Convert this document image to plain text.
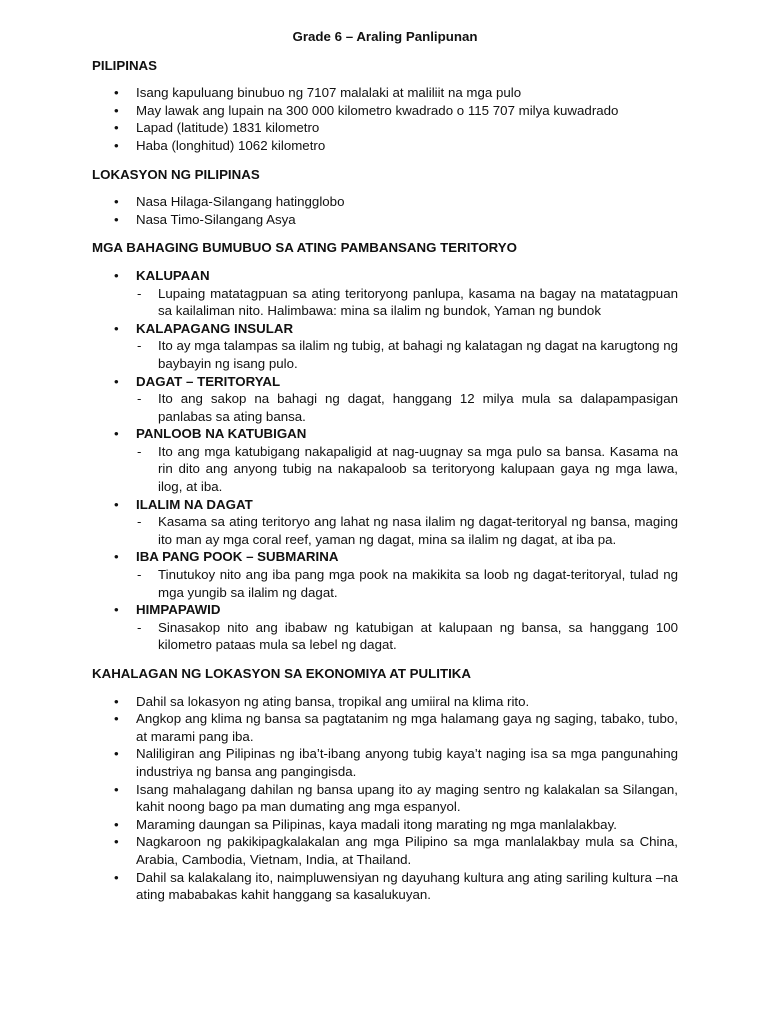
Grade 6 – Araling Panlipunan
PILIPINAS
• Isang kapuluang binubuo ng 7107 malalaki at maliliit na mga pulo
• May lawak ang lupain na 300 000 kilometro kwadrado o 115 707 milya kuwadrado
• Lapad (latitude) 1831 kilometro
• Haba (longhitud) 1062 kilometro
LOKASYON NG PILIPINAS
• Nasa Hilaga-Silangang hatingglobo
• Nasa Timo-Silangang Asya
MGA BAHAGING BUMUBUO SA ATING PAMBANSANG TERITORYO
• KALUPAAN
- Lupaing matatagpuan sa ating teritoryong panlupa, kasama na bagay na matatagpuan sa kailaliman nito. Halimbawa: mina sa ilalim ng bundok, Yaman ng bundok
• KALAPAGANG INSULAR
- Ito ay mga talampas sa ilalim ng tubig, at bahagi ng kalatagan ng dagat na karugtong ng baybayin ng isang pulo.
• DAGAT – TERITORYAL
- Ito ang sakop na bahagi ng dagat, hanggang 12 milya mula sa dalapampasigan panlabas sa ating bansa.
• PANLOOB NA KATUBIGAN
- Ito ang mga katubigang nakapaligid at nag-uugnay sa mga pulo sa bansa. Kasama na rin dito ang anyong tubig na nakapaloob sa teritoryong kalupaan gaya ng mga lawa, ilog, at iba.
• ILALIM NA DAGAT
- Kasama sa ating teritoryo ang lahat ng nasa ilalim ng dagat-teritoryal ng bansa, maging ito man ay mga coral reef, yaman ng dagat, mina sa ilalim ng dagat, at iba pa.
• IBA PANG POOK – SUBMARINA
- Tinutukoy nito ang iba pang mga pook na makikita sa loob ng dagat-teritoryal, tulad ng mga yungib sa ilalim ng dagat.
• HIMPAPAWID
- Sinasakop nito ang ibabaw ng katubigan at kalupaan ng bansa, sa hanggang 100 kilometro pataas mula sa lebel ng dagat.
KAHALAGAN NG LOKASYON SA EKONOMIYA AT PULITIKA
• Dahil sa lokasyon ng ating bansa, tropikal ang umiiral na klima rito.
• Angkop ang klima ng bansa sa pagtatanim ng mga halamang gaya ng saging, tabako, tubo, at marami pang iba.
• Naliligiran ang Pilipinas ng iba’t-ibang anyong tubig kaya’t naging isa sa mga pangunahing industriya ng bansa ang pangingisda.
• Isang mahalagang dahilan ng bansa upang ito ay maging sentro ng kalakalan sa Silangan, kahit noong bago pa man dumating ang mga espanyol.
• Maraming daungan sa Pilipinas, kaya madali itong marating ng mga manlalakbay.
• Nagkaroon ng pakikipagkalakalan ang mga Pilipino sa mga manlalakbay mula sa China, Arabia, Cambodia, Vietnam, India, at Thailand.
• Dahil sa kalakalang ito, naimpluwensiyan ng dayuhang kultura ang ating sariling kultura –na ating mababakas kahit hanggang sa kasalukuyan.
